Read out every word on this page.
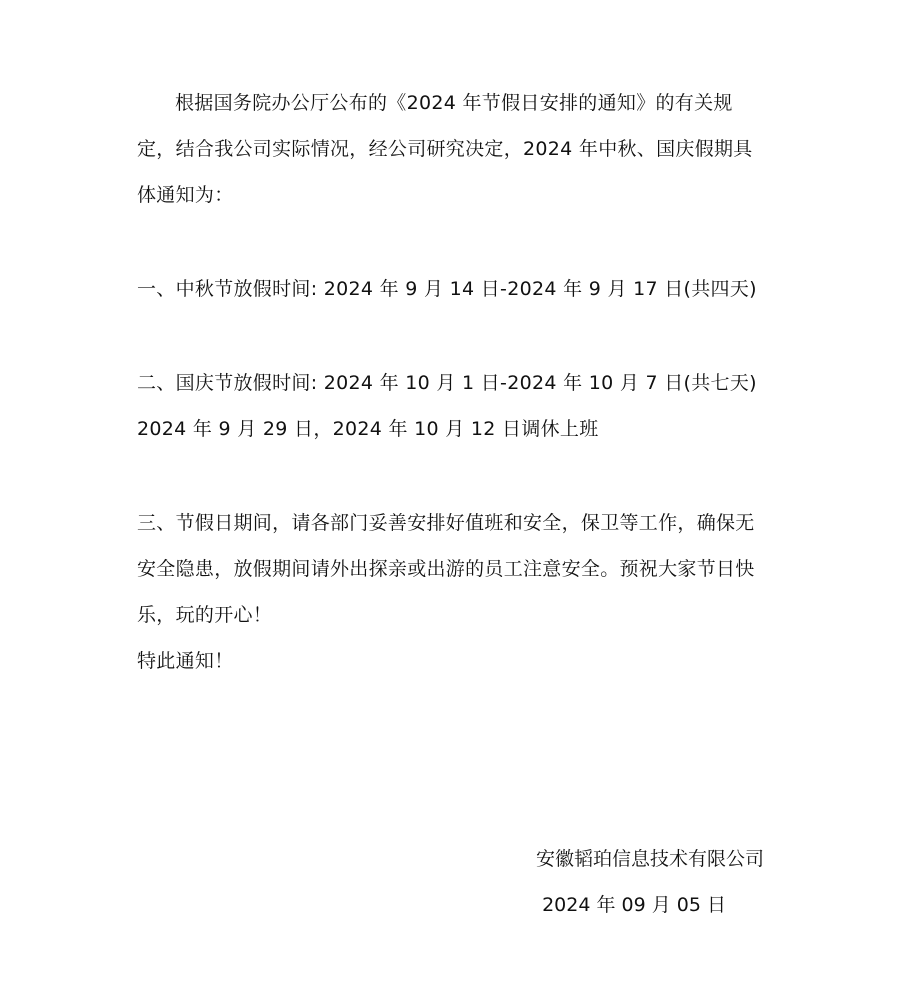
根据国务院办公厅公布的《2024 年节假日安排的通知》的有关规定，结合我公司实际情况，经公司研究决定，2024 年中秋、国庆假期具体通知为：

一、中秋节放假时间: 2024 年 9 月 14 日-2024 年 9 月 17 日(共四天)

二、国庆节放假时间: 2024 年 10 月 1 日-2024 年 10 月 7 日(共七天)

2024 年 9 月 29 日，2024 年 10 月 12 日调休上班

三、节假日期间，请各部门妥善安排好值班和安全，保卫等工作，确保无安全隐患，放假期间请外出探亲或出游的员工注意安全。预祝大家节日快乐，玩的开心！

特此通知！

安徽韬珀信息技术有限公司
2024 年 09 月 05 日
